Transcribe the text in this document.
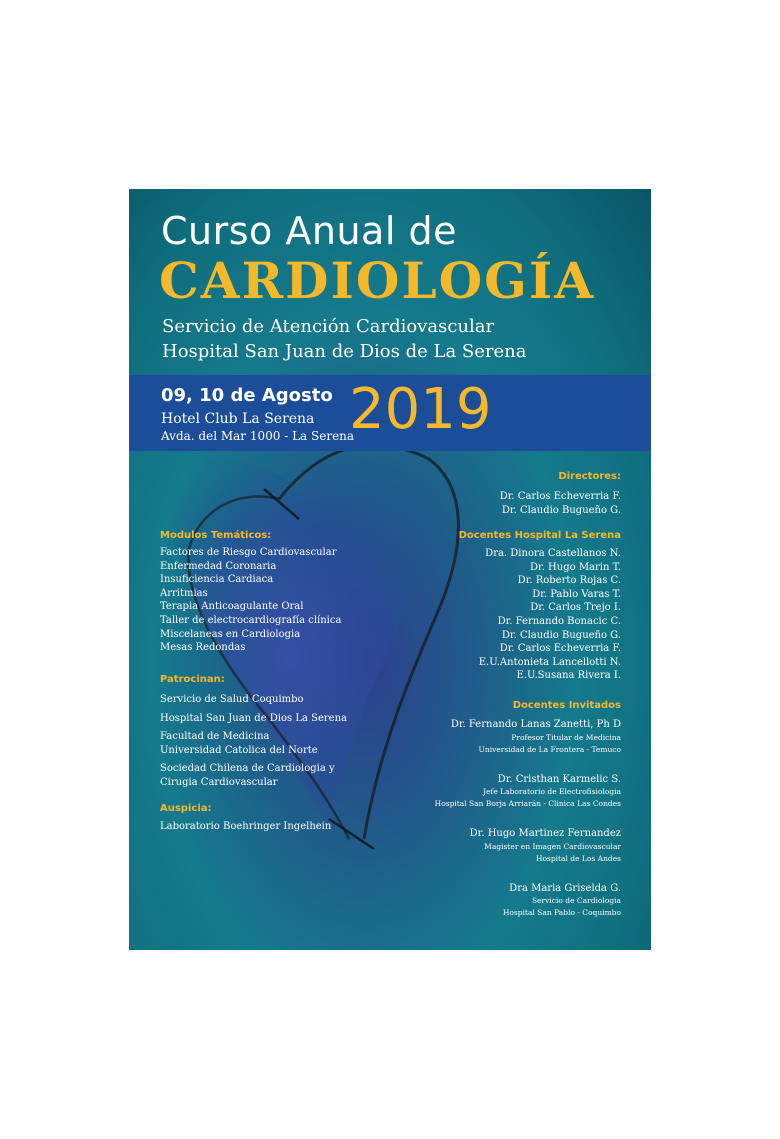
Curso Anual de
CARDIOLOGÍA
Servicio de Atención Cardiovascular
Hospital San Juan de Dios de La Serena
09, 10 de Agosto
Hotel Club La Serena
Avda. del Mar 1000 - La Serena
2019
Directores:
Dr. Carlos Echeverria F.
Dr. Claudio Bugueño G.
Docentes Hospital La Serena
Dra. Dinora Castellanos N.
Dr. Hugo Marin T.
Dr. Roberto Rojas C.
Dr. Pablo Varas T.
Dr. Carlos Trejo I.
Dr. Fernando Bonacic C.
Dr. Claudio Bugueño G.
Dr. Carlos Echeverria F.
E.U.Antonieta Lancellotti N.
E.U.Susana Rivera I.
Docentes Invitados
Dr. Fernando Lanas Zanetti, Ph D
Profesor Titular de Medicina
Universidad de La Frontera - Temuco
Dr. Cristhan Karmelic S.
Jefe Laboratorio de Electrofisiologia
Hospital San Borja Arriarán - Clinica Las Condes
Dr. Hugo Martinez Fernandez
Magister en Imagen Cardiovascular
Hospital de Los Andes
Dra Maria Griselda G.
Servicio de Cardiologia
Hospital San Pablo - Coquimbo
Modulos Temáticos:
Factores de Riesgo Cardiovascular
Enfermedad Coronaria
Insuficiencia Cardiaca
Arritmias
Terapia Anticoagulante Oral
Taller de electrocardiografía clínica
Miscelaneas en Cardiologia
Mesas Redondas
Patrocinan:
Servicio de Salud Coquimbo
Hospital San Juan de Dios La Serena
Facultad de Medicina
Universidad Catolica del Norte
Sociedad Chilena de Cardiologia y
Cirugia Cardiovascular
Auspicia:
Laboratorio Boehringer Ingelhein
